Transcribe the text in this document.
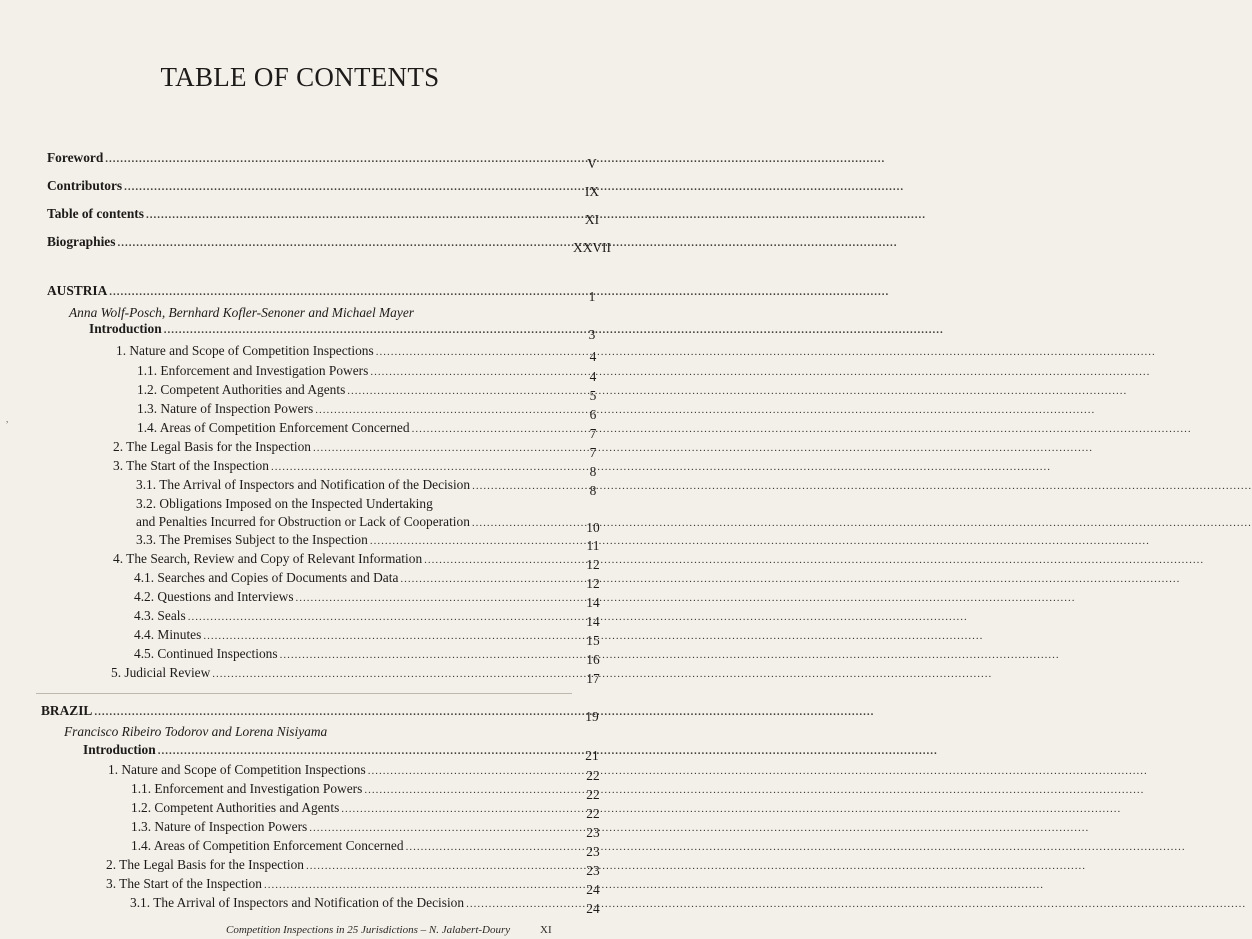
TABLE OF CONTENTS
Foreword .....	V
Contributors .....	IX
Table of contents .....	XI
Biographies .....	XXVII
AUSTRIA .....	1
Anna Wolf-Posch, Bernhard Kofler-Senoner and Michael Mayer
Introduction .....	3
1. Nature and Scope of Competition Inspections .....	4
1.1. Enforcement and Investigation Powers .....	4
1.2. Competent Authorities and Agents .....	5
1.3. Nature of Inspection Powers .....	6
1.4. Areas of Competition Enforcement Concerned .....	7
2. The Legal Basis for the Inspection .....	7
3. The Start of the Inspection .....	8
3.1. The Arrival of Inspectors and Notification of the Decision .....	8
3.2. Obligations Imposed on the Inspected Undertaking
and Penalties Incurred for Obstruction or Lack of Cooperation .....	10
3.3. The Premises Subject to the Inspection .....	11
4. The Search, Review and Copy of Relevant Information .....	12
4.1. Searches and Copies of Documents and Data .....	12
4.2. Questions and Interviews .....	14
4.3. Seals .....	14
4.4. Minutes .....	15
4.5. Continued Inspections .....	16
5. Judicial Review .....	17
BRAZIL .....	19
Francisco Ribeiro Todorov and Lorena Nisiyama
Introduction .....	21
1. Nature and Scope of Competition Inspections .....	22
1.1. Enforcement and Investigation Powers .....	22
1.2. Competent Authorities and Agents .....	22
1.3. Nature of Inspection Powers .....	23
1.4. Areas of Competition Enforcement Concerned .....	23
2. The Legal Basis for the Inspection .....	23
3. The Start of the Inspection .....	24
3.1. The Arrival of Inspectors and Notification of the Decision .....	24
,
Competition Inspections in 25 Jurisdictions – N. Jalabert-Doury	XI
